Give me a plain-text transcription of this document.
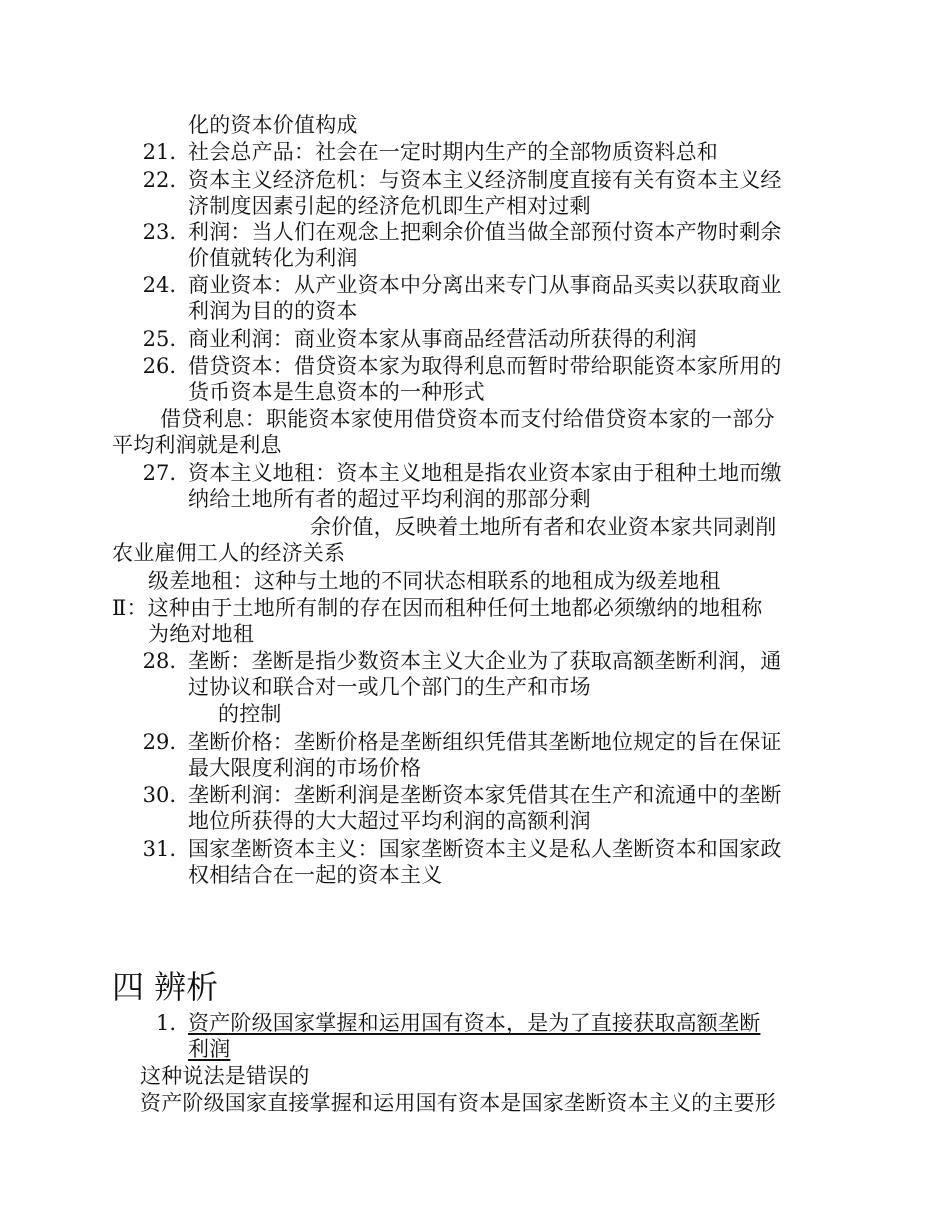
化的资本价值构成
21. 社会总产品：社会在一定时期内生产的全部物质资料总和
22. 资本主义经济危机：与资本主义经济制度直接有关有资本主义经
济制度因素引起的经济危机即生产相对过剩
23. 利润：当人们在观念上把剩余价值当做全部预付资本产物时剩余
价值就转化为利润
24. 商业资本：从产业资本中分离出来专门从事商品买卖以获取商业
利润为目的的资本
25. 商业利润：商业资本家从事商品经营活动所获得的利润
26. 借贷资本：借贷资本家为取得利息而暂时带给职能资本家所用的
货币资本是生息资本的一种形式
借贷利息：职能资本家使用借贷资本而支付给借贷资本家的一部分
平均利润就是利息
27. 资本主义地租：资本主义地租是指农业资本家由于租种土地而缴
纳给土地所有者的超过平均利润的那部分剩
余价值，反映着土地所有者和农业资本家共同剥削
农业雇佣工人的经济关系
级差地租：这种与土地的不同状态相联系的地租成为级差地租
Ⅱ：这种由于土地所有制的存在因而租种任何土地都必须缴纳的地租称
为绝对地租
28. 垄断：垄断是指少数资本主义大企业为了获取高额垄断利润，通
过协议和联合对一或几个部门的生产和市场
的控制
29. 垄断价格：垄断价格是垄断组织凭借其垄断地位规定的旨在保证
最大限度利润的市场价格
30. 垄断利润：垄断利润是垄断资本家凭借其在生产和流通中的垄断
地位所获得的大大超过平均利润的高额利润
31. 国家垄断资本主义：国家垄断资本主义是私人垄断资本和国家政
权相结合在一起的资本主义
四 辨析
1. 资产阶级国家掌握和运用国有资本，是为了直接获取高额垄断
利润
这种说法是错误的
资产阶级国家直接掌握和运用国有资本是国家垄断资本主义的主要形
